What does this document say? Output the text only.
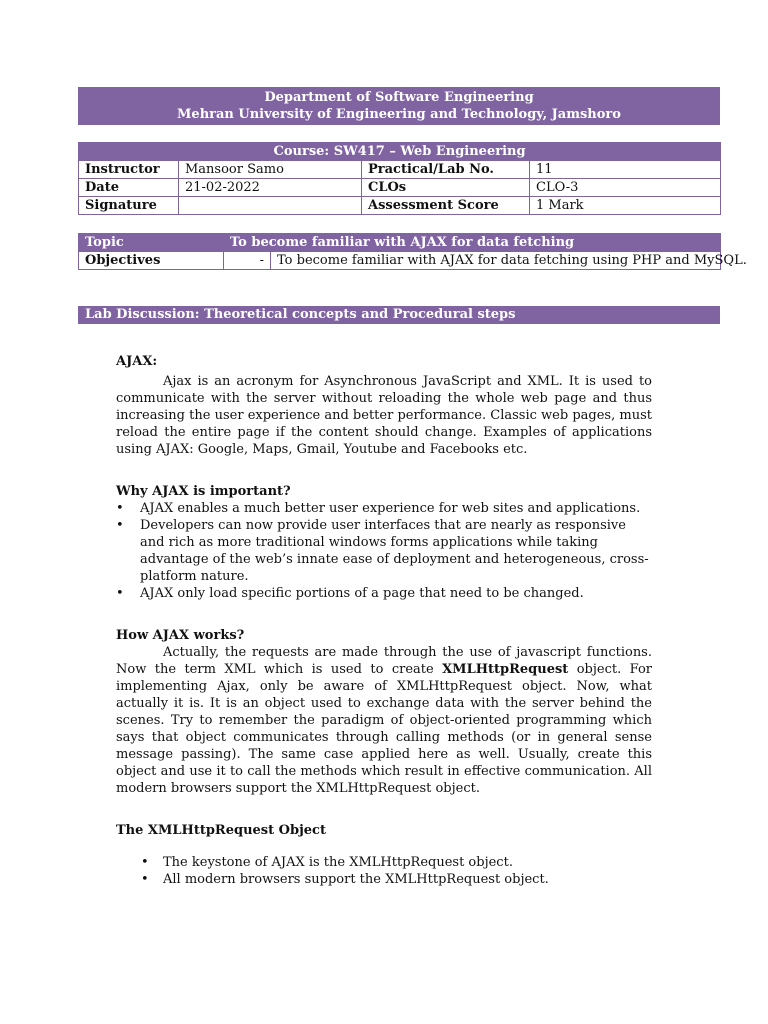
Department of Software Engineering
Mehran University of Engineering and Technology, Jamshoro
Course: SW417 – Web Engineering			
Instructor	Mansoor Samo	Practical/Lab No.	11
Date	21-02-2022	CLOs	CLO-3
Signature		Assessment Score	1 Mark
Topic	To become familiar with AJAX for data fetching	
Objectives	-	To become familiar with AJAX for data fetching using PHP and MySQL.
Lab Discussion: Theoretical concepts and Procedural steps
AJAX:

Ajax is an acronym for Asynchronous JavaScript and XML. It is used to communicate with the server without reloading the whole web page and thus increasing the user experience and better performance. Classic web pages, must reload the entire page if the content should change. Examples of applications using AJAX: Google, Maps, Gmail, Youtube and Facebooks etc.

Why AJAX is important?
• AJAX enables a much better user experience for web sites and applications.
• Developers can now provide user interfaces that are nearly as responsive and rich as more traditional windows forms applications while taking advantage of the web’s innate ease of deployment and heterogeneous, cross-platform nature.
• AJAX only load specific portions of a page that need to be changed.
How AJAX works?

Actually, the requests are made through the use of javascript functions. Now the term XML which is used to create XMLHttpRequest object. For implementing Ajax, only be aware of XMLHttpRequest object. Now, what actually it is. It is an object used to exchange data with the server behind the scenes. Try to remember the paradigm of object-oriented programming which says that object communicates through calling methods (or in general sense message passing). The same case applied here as well. Usually, create this object and use it to call the methods which result in effective communication. All modern browsers support the XMLHttpRequest object.

The XMLHttpRequest Object
• The keystone of AJAX is the XMLHttpRequest object.
• All modern browsers support the XMLHttpRequest object.
